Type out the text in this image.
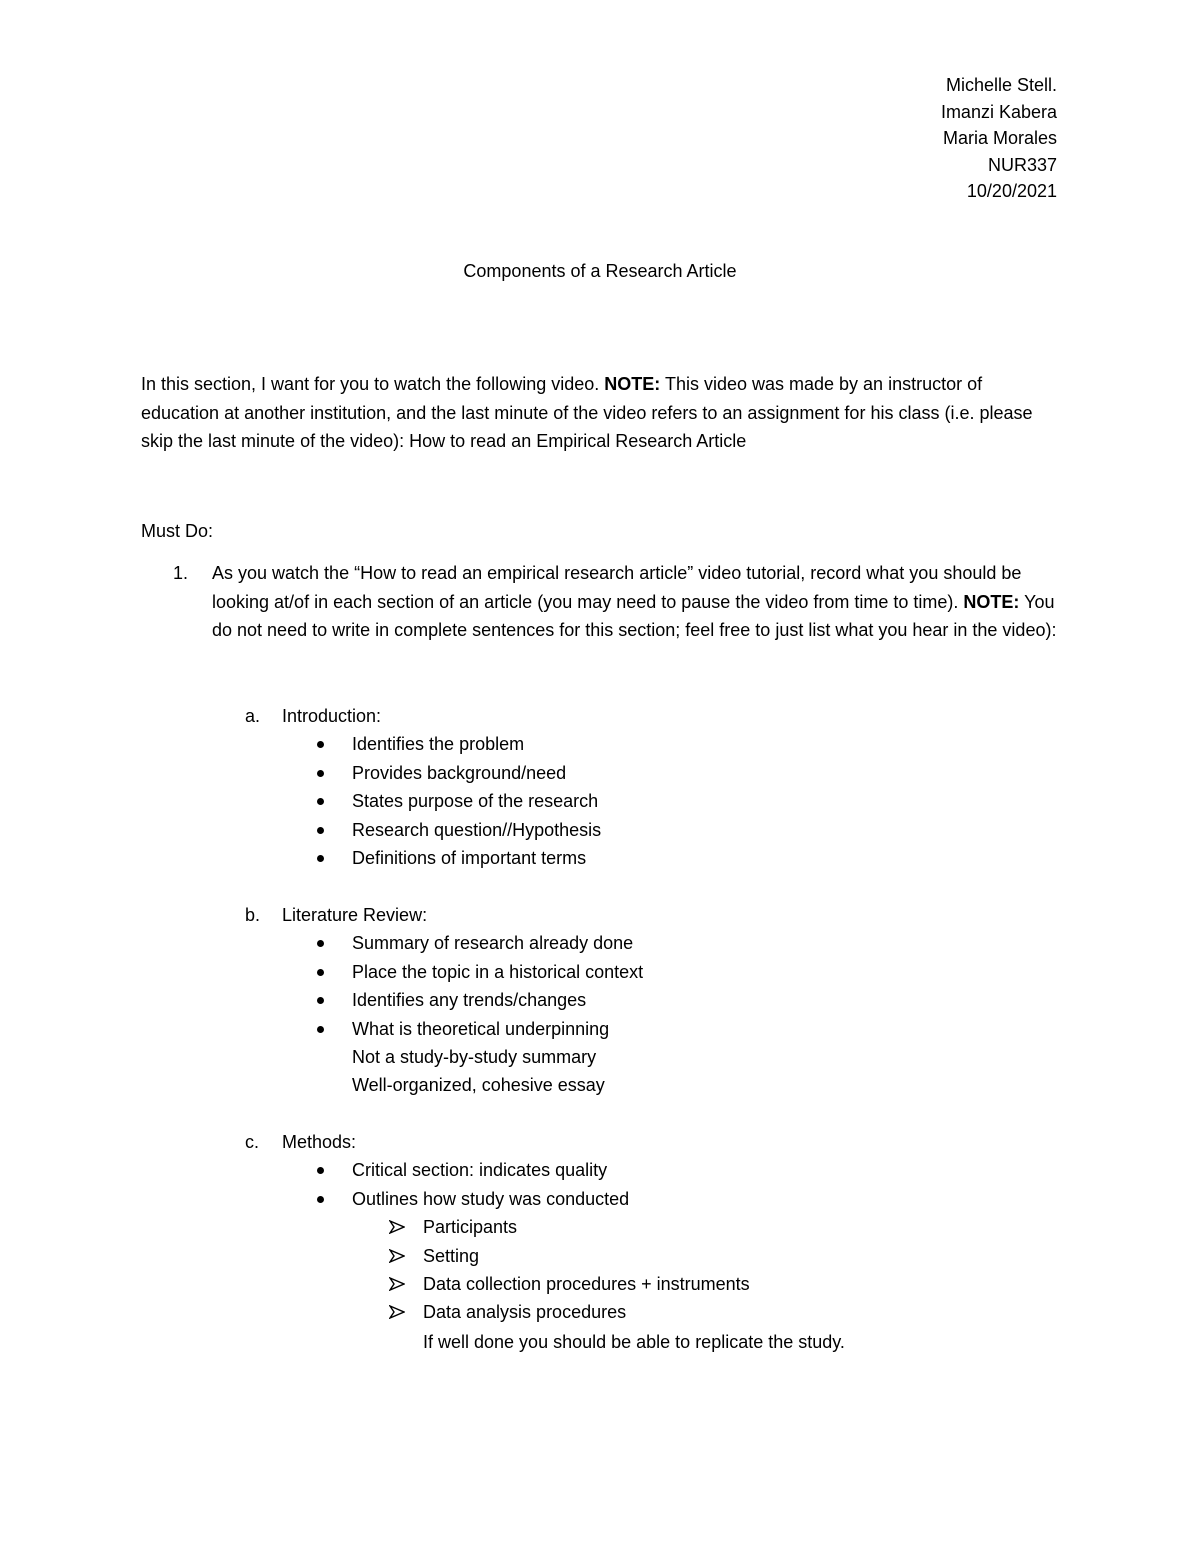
Michelle Stell.
Imanzi Kabera
Maria Morales
NUR337
10/20/2021
Components of a Research Article
In this section, I want for you to watch the following video. NOTE: This video was made by an instructor of education at another institution, and the last minute of the video refers to an assignment for his class (i.e. please skip the last minute of the video): How to read an Empirical Research Article
Must Do:
1. As you watch the “How to read an empirical research article” video tutorial, record what you should be looking at/of in each section of an article (you may need to pause the video from time to time). NOTE: You do not need to write in complete sentences for this section; feel free to just list what you hear in the video):
a. Introduction:
Identifies the problem
Provides background/need
States purpose of the research
Research question//Hypothesis
Definitions of important terms
b. Literature Review:
Summary of research already done
Place the topic in a historical context
Identifies any trends/changes
What is theoretical underpinning
Not a study-by-study summary
Well-organized, cohesive essay
c. Methods:
Critical section: indicates quality
Outlines how study was conducted
Participants
Setting
Data collection procedures + instruments
Data analysis procedures
If well done you should be able to replicate the study.
